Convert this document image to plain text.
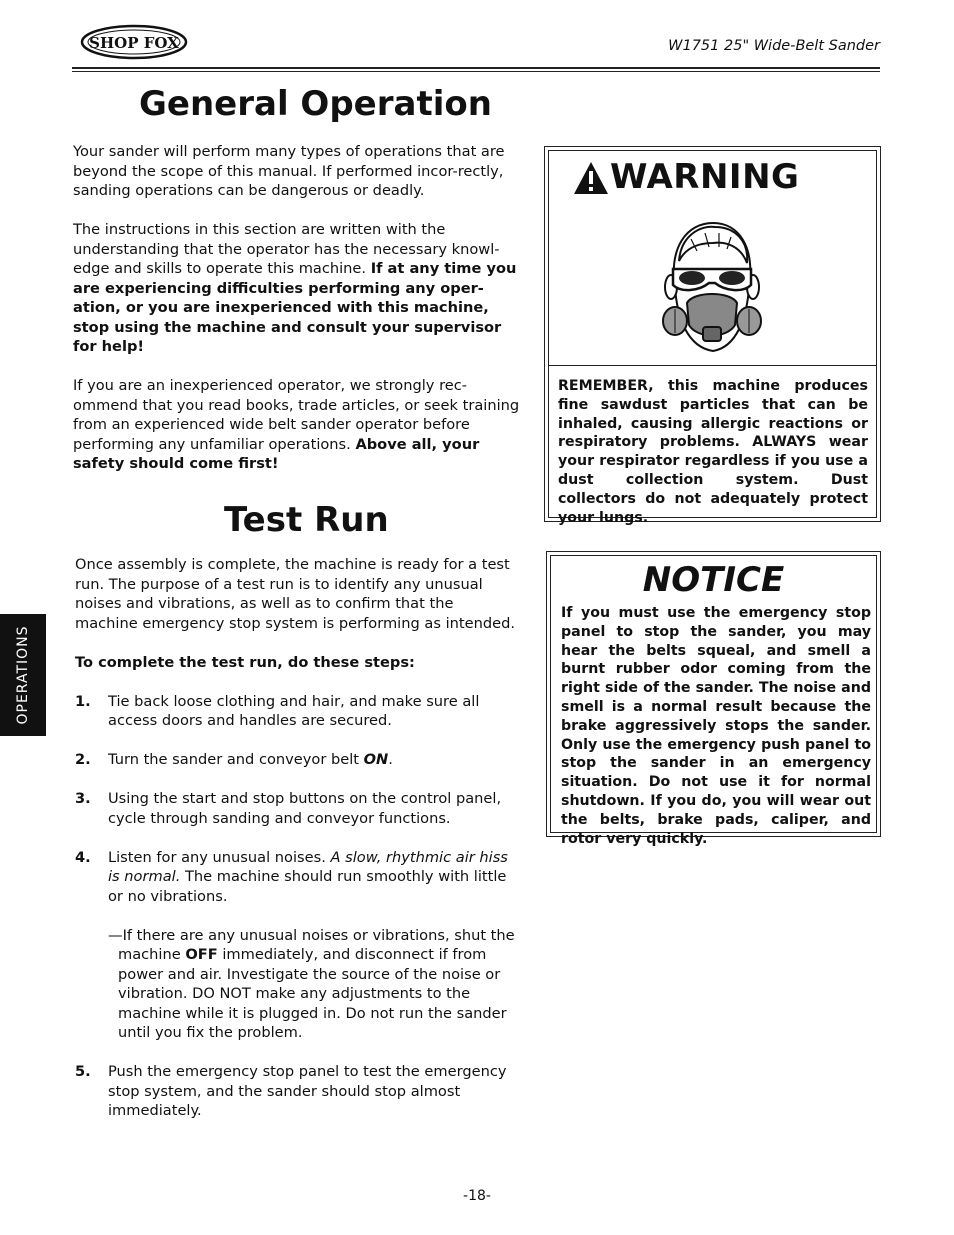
SHOP FOX	W1751 25" Wide-Belt Sander
General Operation

Your sander will perform many types of operations that are beyond the scope of this manual. If performed incor-rectly, sanding operations can be dangerous or deadly.

The instructions in this section are written with the understanding that the operator has the necessary knowl-edge and skills to operate this machine. If at any time you are experiencing difficulties performing any oper-ation, or you are inexperienced with this machine, stop using the machine and consult your supervisor for help!

If you are an inexperienced operator, we strongly rec-ommend that you read books, trade articles, or seek training from an experienced wide belt sander operator before performing any unfamiliar operations. Above all, your safety should come first!

Test Run

Once assembly is complete, the machine is ready for a test run. The purpose of a test run is to identify any unusual noises and vibrations, as well as to confirm that the machine emergency stop system is performing as intended.

To complete the test run, do these steps:

1. Tie back loose clothing and hair, and make sure all access doors and handles are secured.
2. Turn the sander and conveyor belt ON.
3. Using the start and stop buttons on the control panel, cycle through sanding and conveyor functions.
4. Listen for any unusual noises. A slow, rhythmic air hiss is normal. The machine should run smoothly with little or no vibrations.
—If there are any unusual noises or vibrations, shut the machine OFF immediately, and disconnect if from power and air. Investigate the source of the noise or vibration. DO NOT make any adjustments to the machine while it is plugged in. Do not run the sander until you fix the problem.
5. Push the emergency stop panel to test the emergency stop system, and the sander should stop almost immediately.
OPERATIONS
WARNING
REMEMBER, this machine produces fine sawdust particles that can be inhaled, causing allergic reactions or respiratory problems. ALWAYS wear your respirator regardless if you use a dust collection system. Dust collectors do not adequately protect your lungs.
NOTICE
If you must use the emergency stop panel to stop the sander, you may hear the belts squeal, and smell a burnt rubber odor coming from the right side of the sander. The noise and smell is a normal result because the brake aggressively stops the sander. Only use the emergency push panel to stop the sander in an emergency situation. Do not use it for normal shutdown. If you do, you will wear out the belts, brake pads, caliper, and rotor very quickly.
-18-
